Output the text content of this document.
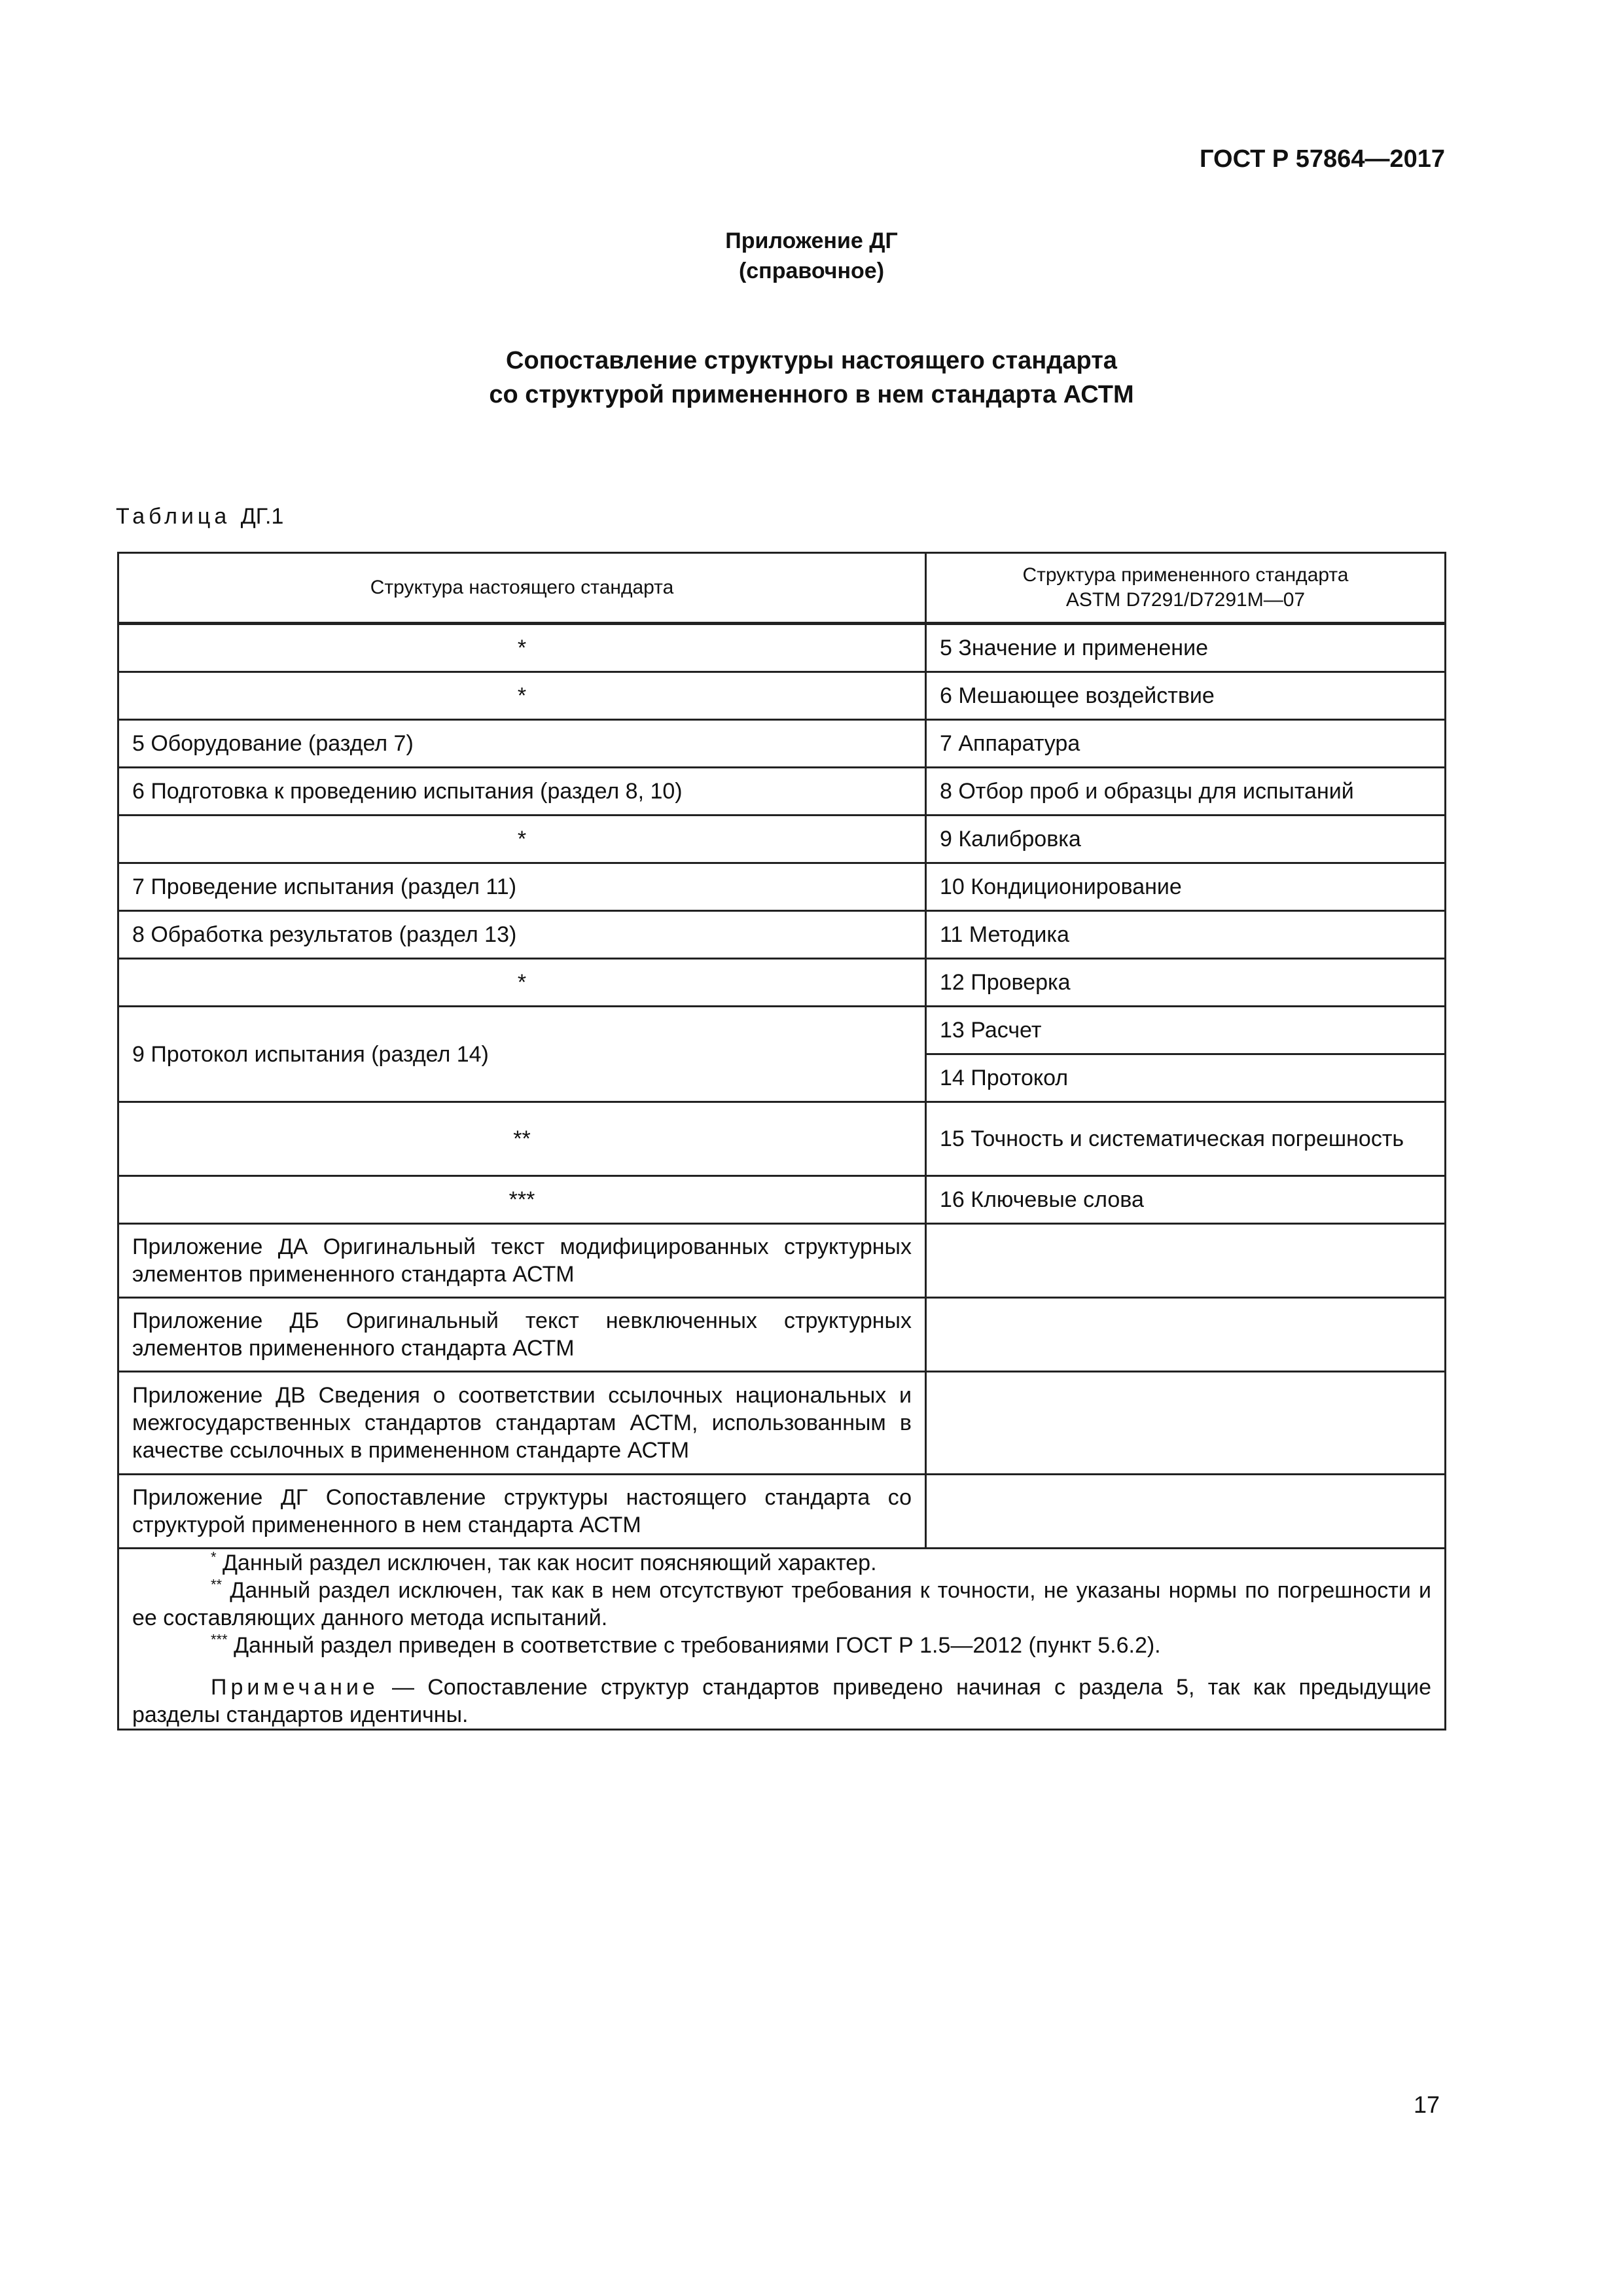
ГОСТ Р 57864—2017

Приложение ДГ
(справочное)
Сопоставление структуры настоящего стандарта
со структурой примененного в нем стандарта АСТМ
Таблица ДГ.1
Структура настоящего стандарта	Структура примененного стандарта
ASTM D7291/D7291M—07

*	5 Значение и применение
*	6 Мешающее воздействие
5 Оборудование (раздел 7)	7 Аппаратура
6 Подготовка к проведению испытания (раздел 8, 10)	8 Отбор проб и образцы для испытаний
*	9 Калибровка
7 Проведение испытания (раздел 11)	10 Кондиционирование
8 Обработка результатов (раздел 13)	11 Методика
*	12 Проверка
9 Протокол испытания (раздел 14)	13 Расчет
	14 Протокол
**	15 Точность и систематическая погрешность
***	16 Ключевые слова
Приложение ДА Оригинальный текст модифицированных структурных элементов примененного стандарта АСТМ	
Приложение ДБ Оригинальный текст невключенных структурных элементов примененного стандарта АСТМ	
Приложение ДВ Сведения о соответствии ссылочных национальных и межгосударственных стандартов стандартам АСТМ, использованным в качестве ссылочных в примененном стандарте АСТМ	
Приложение ДГ Сопоставление структуры настоящего стандарта со структурой примененного в нем стандарта АСТМ	

* Данный раздел исключен, так как носит поясняющий характер.

** Данный раздел исключен, так как в нем отсутствуют требования к точности, не указаны нормы по погрешности и ее составляющих данного метода испытаний.

*** Данный раздел приведен в соответствие с требованиями ГОСТ Р 1.5—2012 (пункт 5.6.2).

Примечание — Сопоставление структур стандартов приведено начиная с раздела 5, так как предыдущие разделы стандартов идентичны.	

17
